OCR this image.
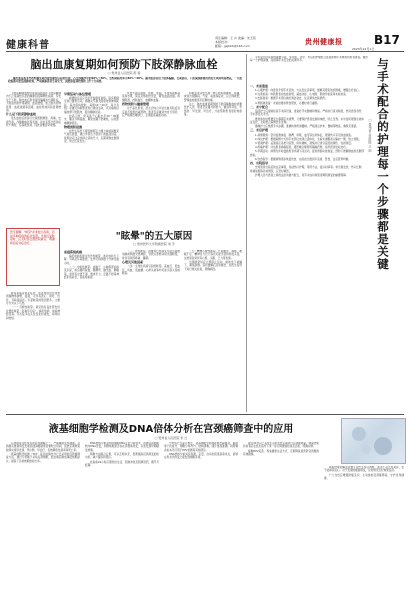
健康科普
责任编辑：王 卉 美编：朱玉茹
本版校对：
邮箱：gzjkbb@163.com	贵州健康报	B17
2023年12月1日
脑出血康复期如何预防下肢深静脉血栓
□ 贵州省人民医院 陈 春

脑出血是指非外伤性脑实质内血管破裂引起的出血，占全部脑卒中的20%～30%，急性期病死率为30%～40%。脑出血患者由于肢体偏瘫、长期卧床，下肢深静脉血栓的发生风险明显增高，一旦血栓脱落可能造成肺栓塞，严重威胁患者生命安全，因此康复期的预防工作十分重要。

下肢深静脉血栓形成是指血液在下肢深静脉内不正常凝结引起的静脉回流障碍性疾病，多发生于下肢。脑出血后患者常因偏瘫而长期卧床，下肢肌肉泵作用减弱，血流缓慢，加之脱水药物使用、血液浓缩等因素，血栓形成风险显著增加。

什么是下肢深静脉血栓

发生血栓后患者可出现患肢肿胀、疼痛、皮温升高、浅静脉曲张等表现，但也有部分患者症状不典型，容易被忽视，因此需要密切观察。

早期活动与体位管理

病情稳定后应尽早开始康复训练。卧床期间可进行踝泵运动，即踝关节最大限度地背伸和跖屈，每次保持数秒，每组10～20次，每日多组。家属可协助患者进行被动活动，从远端向近端按摩下肢肌肉，促进静脉回流。

抬高下肢，使其高于心脏水平20～30厘米，膝关节稍屈曲，避免在膝下垫硬枕，以免影响静脉回流。

物理预防措施

在医生指导下使用梯度压力弹力袜或间歇充气加压装置，通过外部压力促进下肢血液回流。使用时应注意选择合适的尺寸，定期观察皮肤情况，防止压疮发生。

饮食方面宜清淡、低盐、低脂，多食用新鲜蔬菜和水果，保证足够的饮水量，避免血液浓缩。戒烟限酒，控制血压、血糖和血脂。

药物预防与健康管理

对于高危患者，医生会综合评估出血风险后决定是否使用抗凝药物。患者及家属切勿自行用药，应严格遵医嘱执行，定期复查凝血功能。

如果患者突然出现一侧下肢明显肿胀、疼痛，或者出现胸闷、气促、咯血等症状，应立即就医，警惕血栓脱落引起肺栓塞。

总之，脑出血康复期预防下肢深静脉血栓需要医护人员、患者及家属共同努力，做到早评估、早预防、早发现、早治疗，才能帮助患者更好地康复。

医生提醒："眩晕"并非独立疾病，而是多种疾病的症状表现。出现反复眩晕时，应及时到正规医院就诊，明确病因后对症治疗。
"眩晕"的五大原因
□ 贵州医科大学附属医院 刘 芳

眩晕是临床常见症状，患者常感觉自身或周围物体旋转、摇晃，可伴有恶心、呕吐、出汗、耳鸣等症状。引起眩晕的原因很多，主要可分为以下几类。

（一）耳源性眩晕。常见的有良性阵发性位置性眩晕（俗称耳石症）、梅尼埃病、前庭神经炎等。耳石症多在头位变化时诱发，持续时间较短。

前庭系统疾病

梅尼埃病表现为发作性眩晕、波动性听力下降、耳鸣及耳闷胀感，发作可持续数十分钟至数小时。

（二）中枢性眩晕。由脑干、小脑等部位病变引起，如后循环缺血、脑梗死、脑出血、肿瘤等，常伴有言语不清、肢体无力、走路不稳等神经系统症状，需高度重视。

（三）颈性眩晕。颈椎退行性病变可能压迫椎动脉或刺激交感神经，导致头部转动时出现眩晕，常伴有颈部疼痛、僵硬。

心理及其他因素

（四）全身性疾病引起的眩晕。高血压、低血压、贫血、低血糖、心律失常等均可能引起头晕或眩晕。

（五）精神心理性眩晕。长期焦虑、抑郁、睡眠不足、精神压力过大等也可能引起持续性头晕，这类患者常伴有心慌、失眠、乏力等表现。

出现眩晕时应立即停止活动，就地坐下或躺下，避免跌倒。症状缓解后及时就医，在医生指导下进行相关检查，明确病因。

手术是治疗疾病的重要手段，而术前、术中、术后的护理配合直接影响手术效果和患者康复。做好每一个护理步骤，是保障手术安全的关键环节。	与手术配合的护理每一个步骤都是关键
□ 贵州省人民医院 王 丽
一、术前准备

1.心理护理：向患者介绍手术目的、方法及注意事项，缓解其紧张焦虑情绪，增强治疗信心。

2.完善检查：协助患者完成血常规、凝血功能、心电图、影像学检查等术前检查。

3.皮肤准备：根据手术部位做好清洁备皮，注意避免皮肤损伤。

4.胃肠道准备：术前按要求禁食禁饮，必要时进行灌肠。

二、术中配合

巡回护士应提前检查手术间设备，准备好手术器械和物品。严格执行查对制度，核对患者身份、手术部位及术式。

摆放体位时既要充分暴露手术视野，又要保护患者皮肤和神经，防止压伤。术中密切观察生命体征变化，及时配合麻醉医生处理。

器械护士应熟悉手术步骤，准确快速传递器械，严格清点纱布、器械等物品，确保无遗留。

三、术后护理

1.病情观察：密切监测体温、脉搏、呼吸、血压等生命体征，观察伤口有无渗血渗液。

2.体位护理：根据麻醉方式和手术部位选择合适体位，全麻未清醒者头偏向一侧，防止误吸。

3.管道护理：妥善固定各类引流管，保持通畅，观察并记录引流液的颜色、性质和量。

4.疼痛护理：评估患者疼痛程度，遵医嘱合理使用镇痛药物，指导患者放松技巧。

5.早期活动：病情允许时鼓励患者早期下床活动，促进胃肠功能恢复，预防下肢静脉血栓及肺部感染。

6.饮食指导：根据病情逐步恢复饮食，由流质过渡到半流质、普食，注意营养均衡。

四、出院指导

告知患者出院后的注意事项，包括伤口护理、用药方法、复诊时间等。如出现发热、伤口红肿、疼痛加剧等异常情况，应及时就医。

护理人员与患者之间的良好沟通与配合，是手术成功和患者顺利康复的重要保障。

液基细胞学检测及DNA倍体分析在宫颈癌筛查中的应用
□ 贵州省人民医院 李 红

宫颈癌是女性常见的恶性肿瘤之一，严重威胁女性健康。宫颈癌从癌前病变发展到浸润癌通常需要较长时间，因此定期筛查能够实现早发现、早诊断、早治疗，有效降低发病率和死亡率。

液基细胞学检测（TCT）是目前国内外广泛采用的宫颈癌筛查方法，通过专用刷子采集宫颈细胞，经处理后制成薄层细胞涂片，提高了异常细胞的检出率。

DNA倍体分析是利用细胞DNA定量分析技术，检测宫颈细胞核内DNA含量，判断细胞是否存在异倍体改变，从而发现早期癌变细胞。

两种方法联合应用，可以互相补充，显著提高宫颈病变的检出率，减少漏诊和误诊。

检查前24小时应避免性生活、阴道冲洗及阴道用药，避开月经期。

与传统巴氏涂片相比，液基细胞学检测能够去除血液、黏液等干扰成分，细胞分布均匀、结构清晰，阅片更加准确。同时剩余标本还可用于HPV检测等其他项目。

DNA倍体分析具有客观、定量、自动化程度高等优点，能够在形态学改变之前发现细胞异常。

建议21岁以上有性生活的女性定期进行宫颈癌筛查。筛查结果异常者应在医生指导下进一步行阴道镜检查及活检，明确诊断。

接种HPV疫苗、养成健康生活方式、定期筛查是预防宫颈癌的有效措施。

筛查结果的解读需要专业医生综合判断，患者不必过度紧张，也不能掉以轻心。对于发现的癌前病变，及时规范治疗效果良好。

广大女性应增强防癌意识，主动参加宫颈癌筛查，守护自身健康。
